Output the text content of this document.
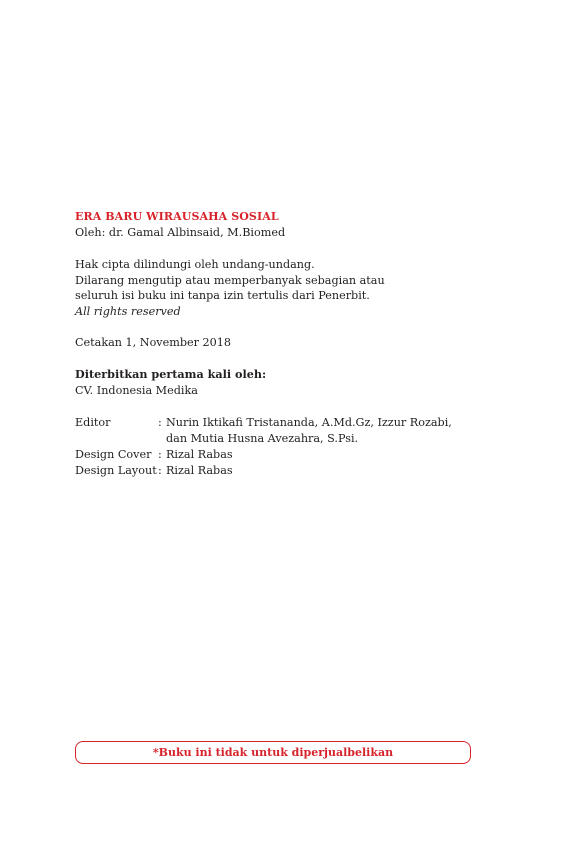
ERA BARU WIRAUSAHA SOSIAL
Oleh: dr. Gamal Albinsaid, M.Biomed
Hak cipta dilindungi oleh undang-undang.
Dilarang mengutip atau memperbanyak sebagian atau
seluruh isi buku ini tanpa izin tertulis dari Penerbit.
All rights reserved
Cetakan 1, November 2018
Diterbitkan pertama kali oleh:
CV. Indonesia Medika
Editor	: Nurin Iktikafi Tristananda, A.Md.Gz, Izzur Rozabi, dan Mutia Husna Avezahra, S.Psi.
Design Cover : Rizal Rabas
Design Layout : Rizal Rabas
*Buku ini tidak untuk diperjualbelikan
